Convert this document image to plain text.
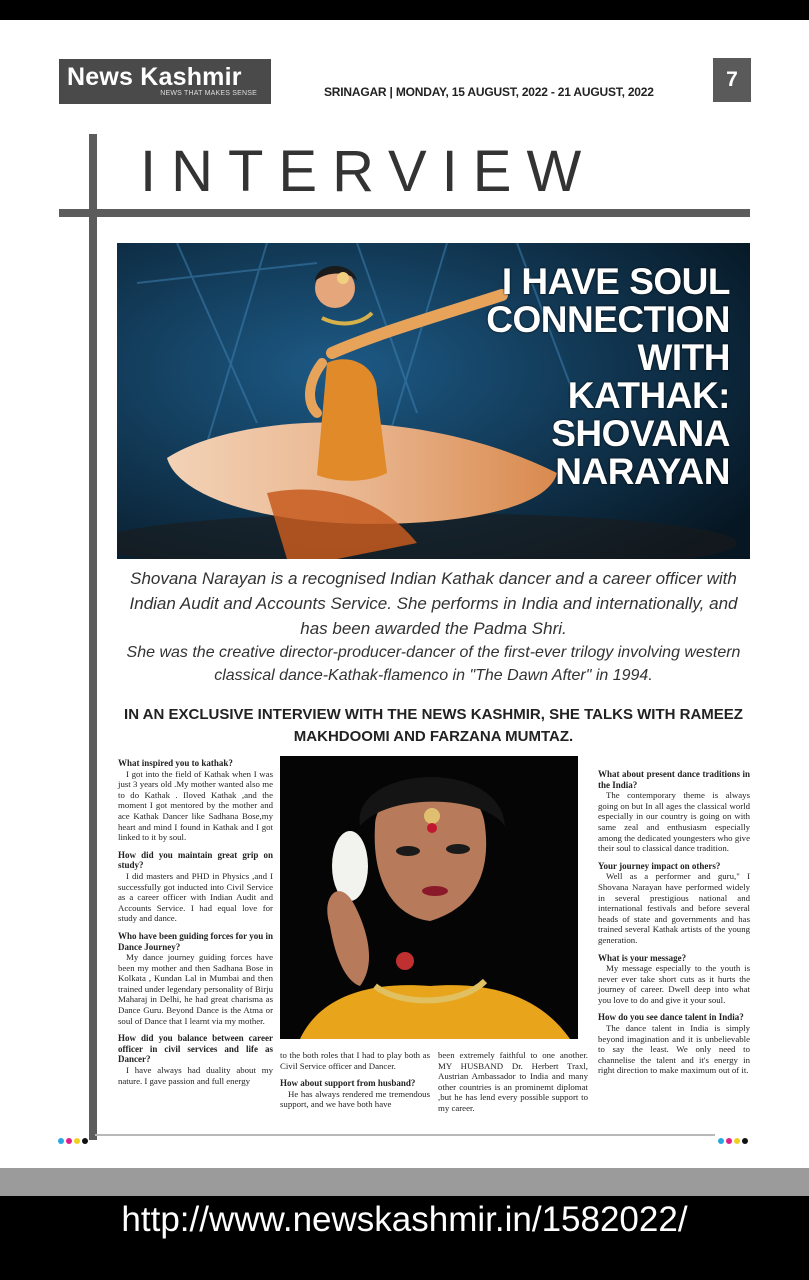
News Kashmir
NEWS THAT MAKES SENSE	SRINAGAR | MONDAY, 15 AUGUST, 2022 - 21 AUGUST, 2022
7
INTERVIEW
I HAVE SOUL
CONNECTION
WITH
KATHAK:
SHOVANA
NARAYAN

Shovana Narayan is a recognised Indian Kathak dancer and a career officer with Indian Audit and Accounts Service. She performs in India and internationally, and has been awarded the Padma Shri.

She was the creative director-producer-dancer of the first-ever trilogy involving western classical dance-Kathak-flamenco in "The Dawn After" in 1994.

IN AN EXCLUSIVE INTERVIEW WITH THE NEWS KASHMIR, SHE TALKS WITH RAMEEZ MAKHDOOMI AND FARZANA MUMTAZ.
What inspired you to kathak?
I got into the field of Kathak when I was just 3 years old .My mother wanted also me to do Kathak . Iloved Kathak ,and the moment I got mentored by the mother and ace Kathak Dancer like Sadhana Bose,my heart and mind I found in Kathak and I got linked to it by soul.
How did you maintain great grip on study?
I did masters and PHD in Physics ,and I successfully got inducted into Civil Service as a career officer with Indian Audit and Accounts Service. I had equal love for study and dance.
Who have been guiding forces for you in Dance Journey?
My dance journey guiding forces have been my mother and then Sadhana Bose in Kolkata , Kundan Lal in Mumbai and then trained under legendary personality of Birju Maharaj in Delhi, he had great charisma as Dance Guru. Beyond Dance is the Atma or soul of Dance that I learnt via my mother.
How did you balance between career officer in civil services and life as Dancer?
I have always had duality about my nature. I gave passion and full energy
to the both roles that I had to play both as Civil Service officer and Dancer.
How about support from husband?
He has always rendered me tremendous support, and we have both have
been extremely faithful to one another. MY HUSBAND Dr. Herbert Traxl, Austrian Ambassador to India and many other countries is an prominemt diplomat ,but he has lend every possible support to my career.
What about present dance traditions in the India?
The contemporary theme is always going on but In all ages the classical world especially in our country is going on with same zeal and enthusiasm especially among the dedicated youngesters who give their soul to classical dance tradition.
Your journey impact on others?
Well as a performer and guru," I Shovana Narayan have performed widely in several prestigious national and international festivals and before several heads of state and governments and has trained several Kathak artists of the young generation.
What is your message?
My message especially to the youth is never ever take short cuts as it hurts the journey of career. Dwell deep into what you love to do and give it your soul.
How do you see dance talent in India?
The dance talent in India is simply beyond imagination and it is unbelievable to say the least. We only need to channelise the talent and it's energy in right direction to make maximum out of it.
http://www.newskashmir.in/1582022/
